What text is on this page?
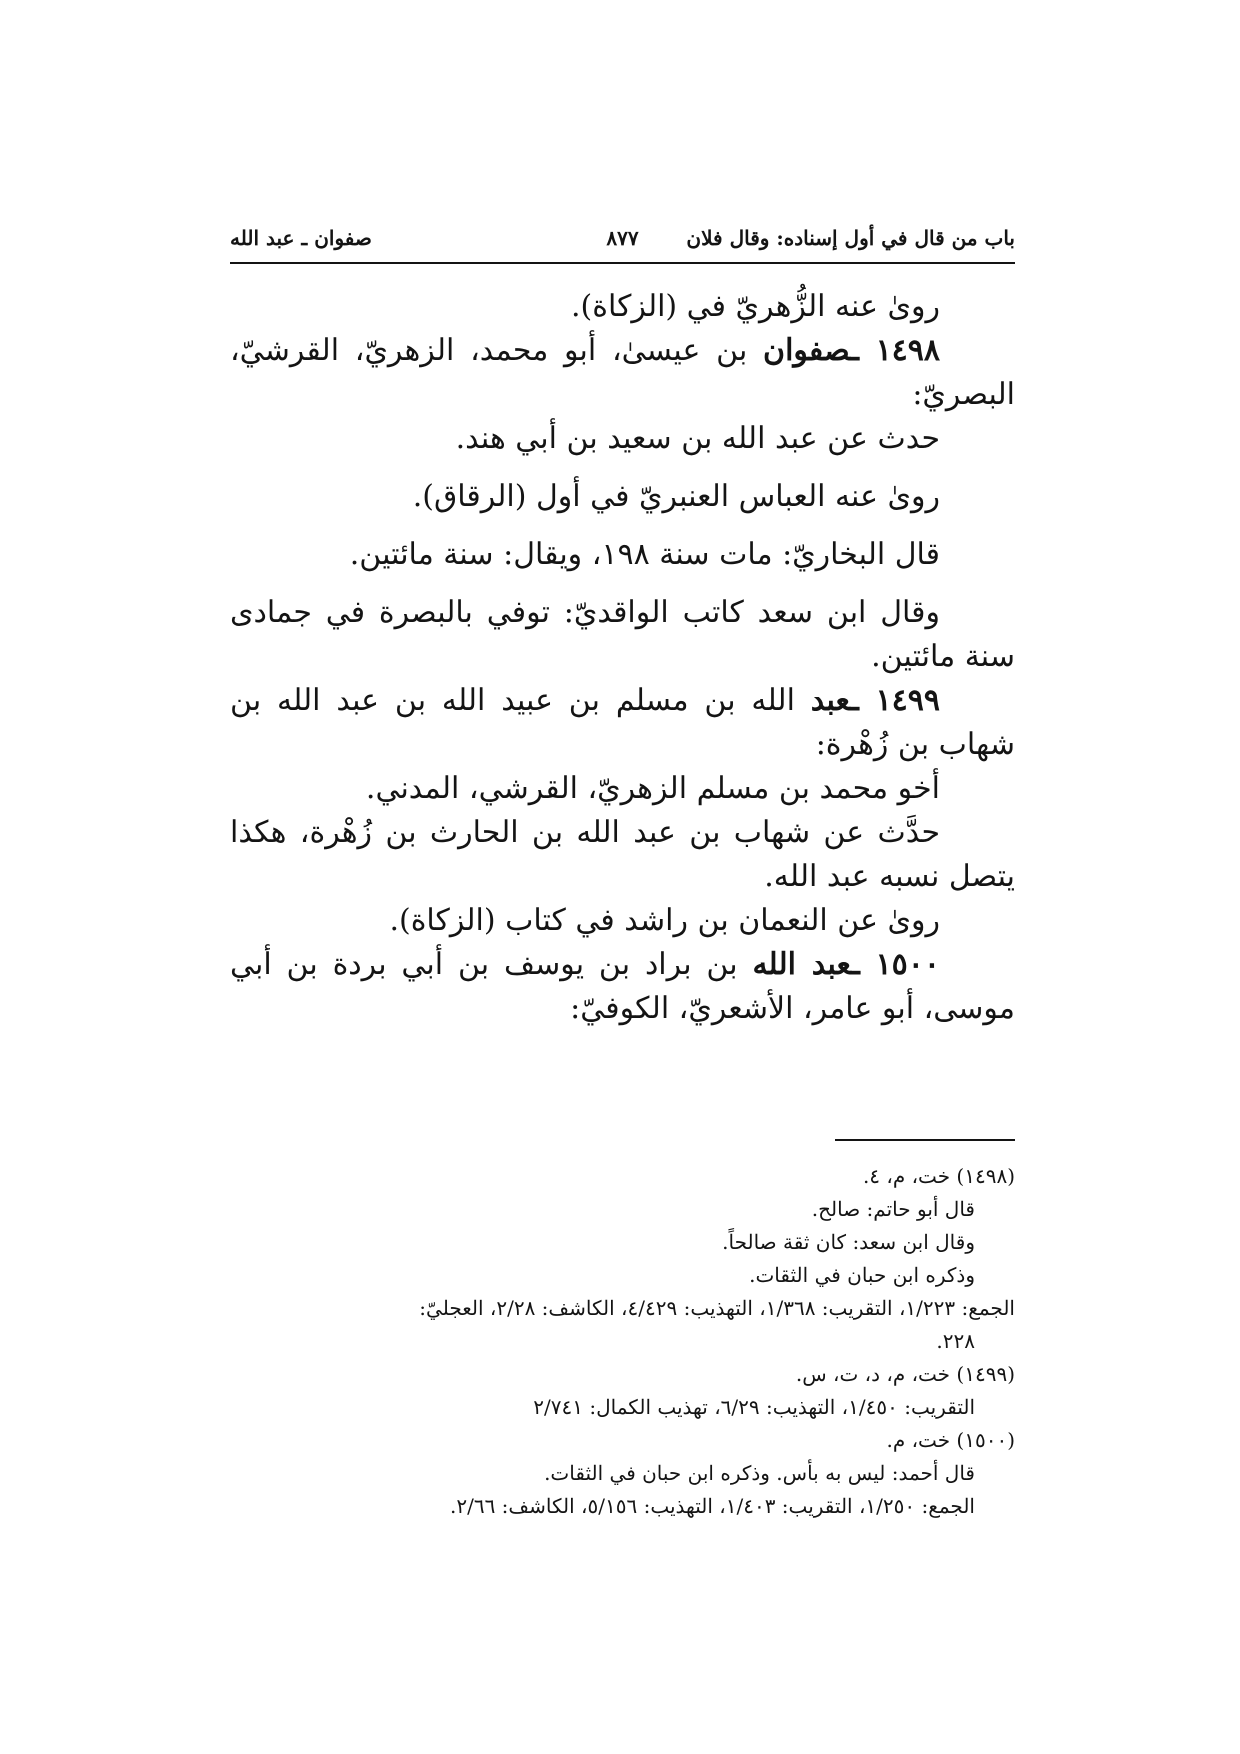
باب من قال في أول إسناده: وقال فلان
٨٧٧
صفوان ـ عبد الله

رویٰ عنه الزُّهريّ في (الزكاة).

١٤٩٨ ـصفوان بن عيسىٰ، أبو محمد، الزهريّ، القرشيّ، البصريّ:

حدث عن عبد الله بن سعيد بن أبي هند.

رویٰ عنه العباس العنبريّ في أول (الرقاق).

قال البخاريّ: مات سنة ١٩٨، ويقال: سنة مائتين.

وقال ابن سعد كاتب الواقديّ: توفي بالبصرة في جمادى سنة مائتين.

١٤٩٩ ـعبد الله بن مسلم بن عبيد الله بن عبد الله بن شهاب بن زُهْرة:

أخو محمد بن مسلم الزهريّ، القرشي، المدني.

حدَّث عن شهاب بن عبد الله بن الحارث بن زُهْرة، هكذا يتصل نسبه عبد الله.

روىٰ عن النعمان بن راشد في كتاب (الزكاة).

١٥٠٠ ـعبد الله بن براد بن يوسف بن أبي بردة بن أبي موسى، أبو عامر، الأشعريّ، الكوفيّ:

(١٤٩٨) خت، م، ٤.

قال أبو حاتم: صالح.

وقال ابن سعد: كان ثقة صالحاً.

وذكره ابن حبان في الثقات.

الجمع: ١/٢٢٣، التقريب: ١/٣٦٨، التهذيب: ٤/٤٢٩، الكاشف: ٢/٢٨، العجليّ:

٢٢٨.

(١٤٩٩) خت، م، د، ت، س.

التقريب: ١/٤٥٠، التهذيب: ٦/٢٩، تهذيب الكمال: ٢/٧٤١

(١٥٠٠) خت، م.

قال أحمد: ليس به بأس. وذكره ابن حبان في الثقات.

الجمع: ١/٢٥٠، التقريب: ١/٤٠٣، التهذيب: ٥/١٥٦، الكاشف: ٢/٦٦.
